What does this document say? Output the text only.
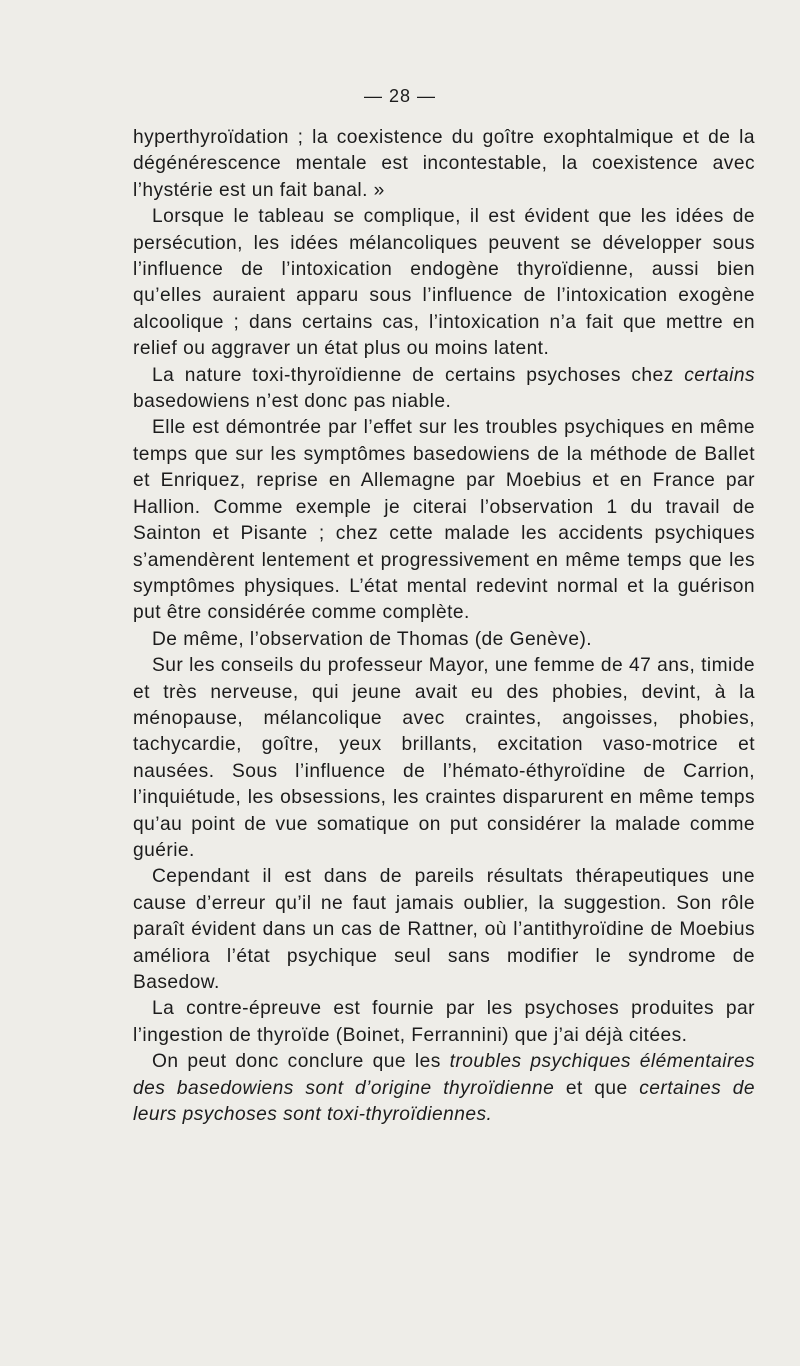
— 28 —

hyperthyroïdation ; la coexistence du goître exophtalmique et de la dégénérescence mentale est incontestable, la coexistence avec l’hystérie est un fait banal. »

Lorsque le tableau se complique, il est évident que les idées de persécution, les idées mélancoliques peuvent se développer sous l’influence de l’intoxication endogène thyroïdienne, aussi bien qu’elles auraient apparu sous l’influence de l’intoxication exogène alcoolique ; dans certains cas, l’intoxication n’a fait que mettre en relief ou aggraver un état plus ou moins latent.

La nature toxi-thyroïdienne de certains psychoses chez certains basedowiens n’est donc pas niable.

Elle est démontrée par l’effet sur les troubles psychiques en même temps que sur les symptômes basedowiens de la méthode de Ballet et Enriquez, reprise en Allemagne par Moebius et en France par Hallion. Comme exemple je citerai l’observation 1 du travail de Sainton et Pisante ; chez cette malade les accidents psychiques s’amendèrent lentement et progressivement en même temps que les symptômes physiques. L’état mental redevint normal et la guérison put être considérée comme complète.

De même, l’observation de Thomas (de Genève).

Sur les conseils du professeur Mayor, une femme de 47 ans, timide et très nerveuse, qui jeune avait eu des phobies, devint, à la ménopause, mélancolique avec craintes, angoisses, phobies, tachycardie, goître, yeux brillants, excitation vaso-motrice et nausées. Sous l’influence de l’hémato-éthyroïdine de Carrion, l’inquiétude, les obsessions, les craintes disparurent en même temps qu’au point de vue somatique on put considérer la malade comme guérie.

Cependant il est dans de pareils résultats thérapeutiques une cause d’erreur qu’il ne faut jamais oublier, la suggestion. Son rôle paraît évident dans un cas de Rattner, où l’antithyroïdine de Moebius améliora l’état psychique seul sans modifier le syndrome de Basedow.

La contre-épreuve est fournie par les psychoses produites par l’ingestion de thyroïde (Boinet, Ferrannini) que j’ai déjà citées.

On peut donc conclure que les troubles psychiques élémentaires des basedowiens sont d’origine thyroïdienne et que certaines de leurs psychoses sont toxi-thyroïdiennes.
